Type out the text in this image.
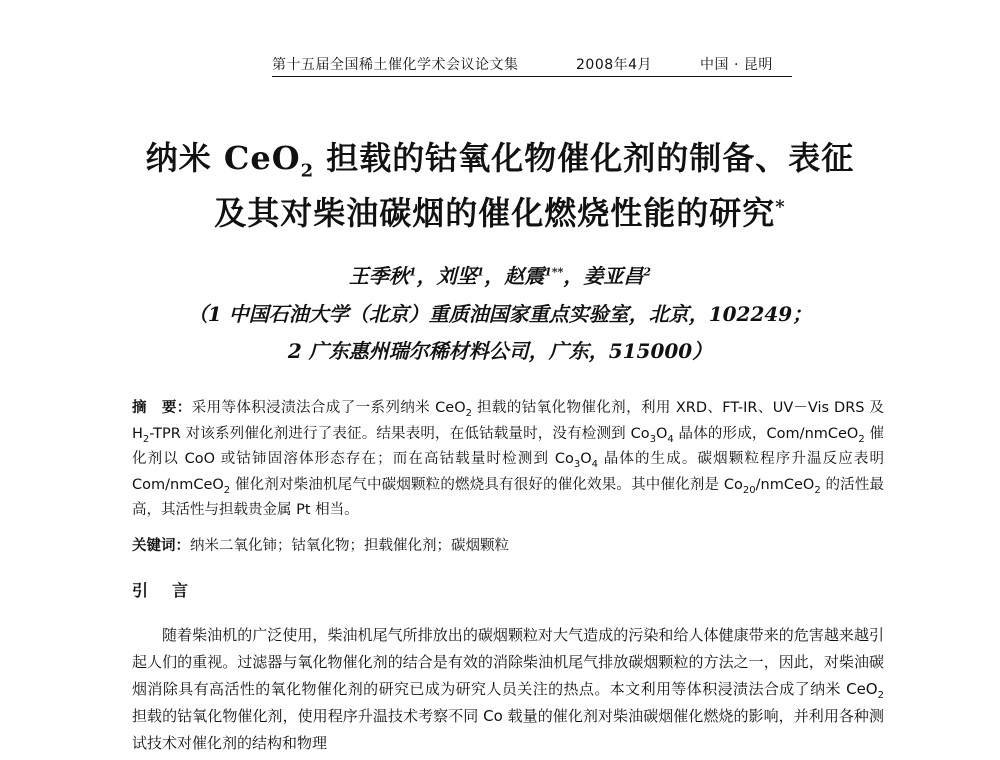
第十五届全国稀土催化学术会议论文集	2008年4月	中国 · 昆明
纳米 CeO$_2$ 担载的钴氧化物催化剂的制备、表征
及其对柴油碳烟的催化燃烧性能的研究*
王季秋$^1$，刘坚$^1$，赵震$^{1**}$，姜亚昌$^2$
（1 中国石油大学（北京）重质油国家重点实验室，北京，102249；
2 广东惠州瑞尔稀材料公司，广东，515000）
摘　要：采用等体积浸渍法合成了一系列纳米 CeO$_2$ 担载的钴氧化物催化剂，利用 XRD、FT-IR、UV－Vis DRS 及 $H_2$-TPR 对该系列催化剂进行了表征。结果表明，在低钴载量时，没有检测到 $Co_3O_4$ 晶体的形成，Com/nmCeO$_2$ 催化剂以 CoO 或钴铈固溶体形态存在；而在高钴载量时检测到 $Co_3O_4$ 晶体的生成。碳烟颗粒程序升温反应表明 Com/nmCeO$_2$ 催化剂对柴油机尾气中碳烟颗粒的燃烧具有很好的催化效果。其中催化剂是 $Co_{20}/nmCeO_2$ 的活性最高，其活性与担载贵金属 Pt 相当。
关键词：纳米二氧化铈；钴氧化物；担载催化剂；碳烟颗粒
引　言
随着柴油机的广泛使用，柴油机尾气所排放出的碳烟颗粒对大气造成的污染和给人体健康带来的危害越来越引起人们的重视。过滤器与氧化物催化剂的结合是有效的消除柴油机尾气排放碳烟颗粒的方法之一，因此，对柴油碳烟消除具有高活性的氧化物催化剂的研究已成为研究人员关注的热点。本文利用等体积浸渍法合成了纳米 CeO$_2$ 担载的钴氧化物催化剂，使用程序升温技术考察不同 Co 载量的催化剂对柴油碳烟催化燃烧的影响，并利用各种测试技术对催化剂的结构和物理
